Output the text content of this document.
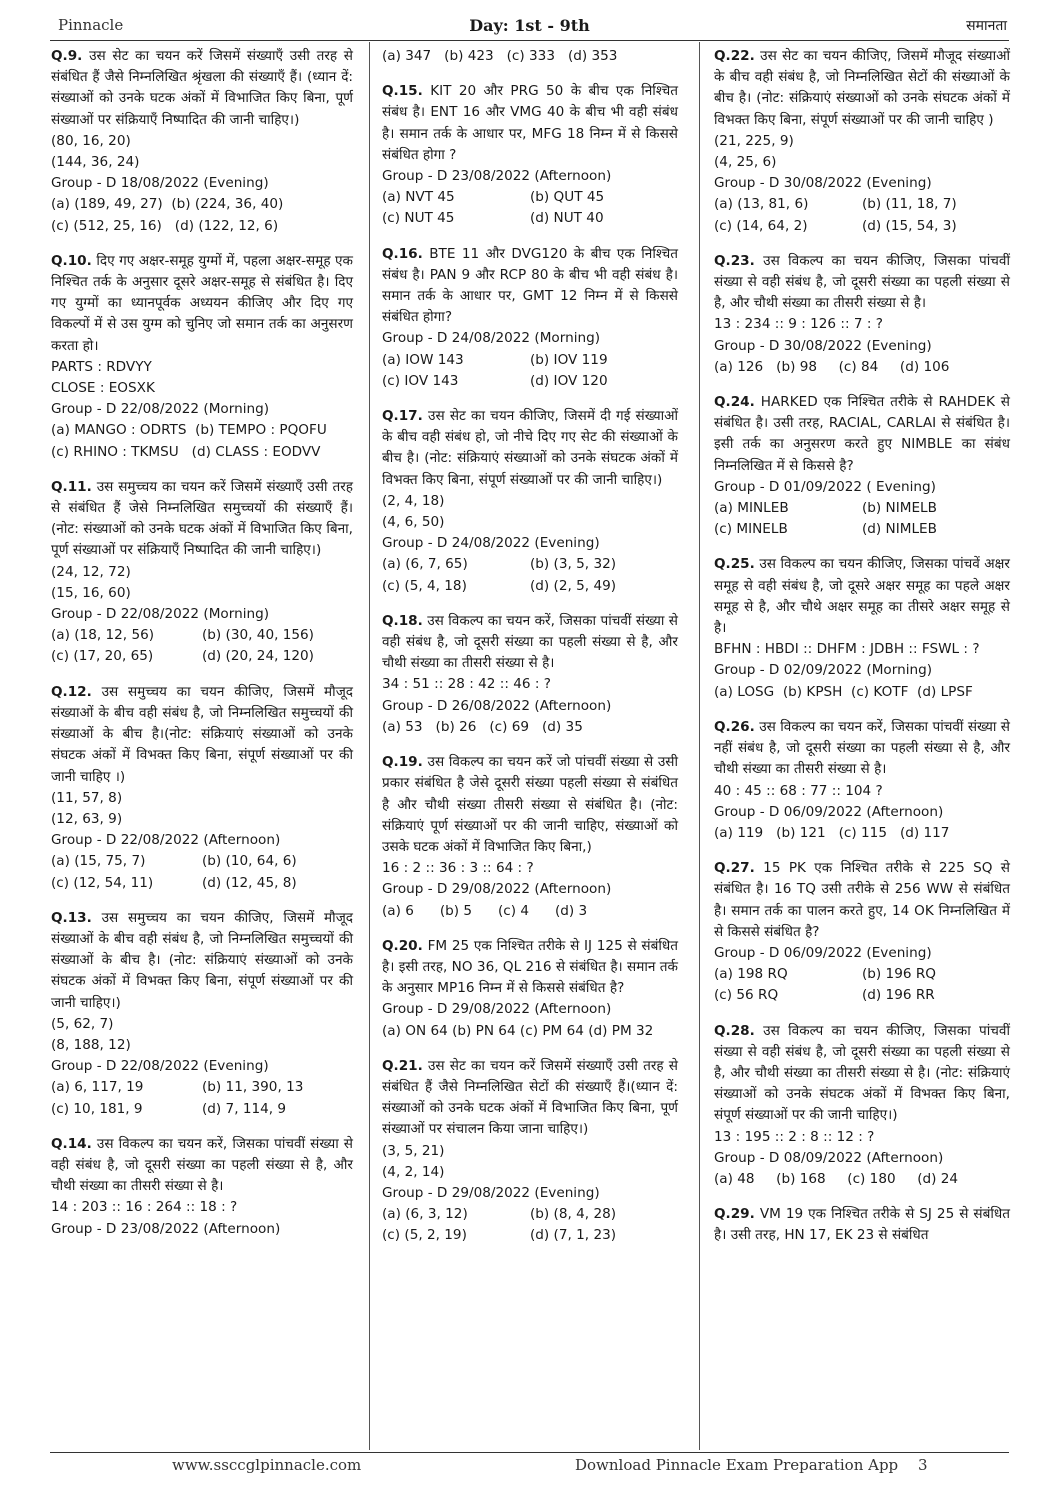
Pinnacle	Day: 1st - 9th	समानता
Q.9. उस सेट का चयन करें जिसमें संख्याएँ उसी तरह से संबंधित हैं जैसे निम्नलिखित श्रृंखला की संख्याएँ हैं। (ध्यान दें: संख्याओं को उनके घटक अंकों में विभाजित किए बिना, पूर्ण संख्याओं पर संक्रियाएँ निष्पादित की जानी चाहिए।)
(80, 16, 20)
(144, 36, 24)
Group - D 18/08/2022 (Evening)
(a) (189, 49, 27)  (b) (224, 36, 40)
(c) (512, 25, 16)   (d) (122, 12, 6)
Q.10. दिए गए अक्षर-समूह युग्मों में, पहला अक्षर-समूह एक निश्चित तर्क के अनुसार दूसरे अक्षर-समूह से संबंधित है। दिए गए युग्मों का ध्यानपूर्वक अध्ययन कीजिए और दिए गए विकल्पों में से उस युग्म को चुनिए जो समान तर्क का अनुसरण करता हो।
PARTS : RDVYY
CLOSE : EOSXK
Group - D 22/08/2022 (Morning)
(a) MANGO : ODRTS  (b) TEMPO : PQOFU
(c) RHINO : TKMSU   (d) CLASS : EODVV
Q.11. उस समुच्चय का चयन करें जिसमें संख्याएँ उसी तरह से संबंधित हैं जेसे निम्नलिखित समुच्चयों की संख्याएँ हैं। (नोट: संख्याओं को उनके घटक अंकों में विभाजित किए बिना, पूर्ण संख्याओं पर संक्रियाएँ निष्पादित की जानी चाहिए।)
(24, 12, 72)
(15, 16, 60)
Group - D 22/08/2022 (Morning)
(a) (18, 12, 56)	(b) (30, 40, 156)
(c) (17, 20, 65)	(d) (20, 24, 120)
Q.12. उस समुच्चय का चयन कीजिए, जिसमें मौजूद संख्याओं के बीच वही संबंध है, जो निम्नलिखित समुच्चयों की संख्याओं के बीच है।(नोट: संक्रियाएं संख्याओं को उनके संघटक अंकों में विभक्त किए बिना, संपूर्ण संख्याओं पर की जानी चाहिए ।)
(11, 57, 8)
(12, 63, 9)
Group - D 22/08/2022 (Afternoon)
(a) (15, 75, 7)	(b) (10, 64, 6)
(c) (12, 54, 11)	(d) (12, 45, 8)
Q.13. उस समुच्चय का चयन कीजिए, जिसमें मौजूद संख्याओं के बीच वही संबंध है, जो निम्नलिखित समुच्चयों की संख्याओं के बीच है। (नोट: संक्रियाएं संख्याओं को उनके संघटक अंकों में विभक्त किए बिना, संपूर्ण संख्याओं पर की जानी चाहिए।)
(5, 62, 7)
(8, 188, 12)
Group - D 22/08/2022 (Evening)
(a) 6, 117, 19	(b) 11, 390, 13
(c) 10, 181, 9	(d) 7, 114, 9
Q.14. उस विकल्प का चयन करें, जिसका पांचवीं संख्या से वही संबंध है, जो दूसरी संख्या का पहली संख्या से है, और चौथी संख्या का तीसरी संख्या से है।
14 : 203 :: 16 : 264 :: 18 : ?
Group - D 23/08/2022 (Afternoon)
(a) 347   (b) 423   (c) 333   (d) 353
Q.15. KIT 20 और PRG 50 के बीच एक निश्चित संबंध है। ENT 16 और VMG 40 के बीच भी वही संबंध है। समान तर्क के आधार पर, MFG 18 निम्न में से किससे संबंधित होगा ?
Group - D 23/08/2022 (Afternoon)
(a) NVT 45	(b) QUT 45
(c) NUT 45	(d) NUT 40
Q.16. BTE 11 और DVG120 के बीच एक निश्चित संबंध है। PAN 9 और RCP 80 के बीच भी वही संबंध है। समान तर्क के आधार पर, GMT 12 निम्न में से किससे संबंधित होगा?
Group - D 24/08/2022 (Morning)
(a) IOW 143	(b) IOV 119
(c) IOV 143	(d) IOV 120
Q.17. उस सेट का चयन कीजिए, जिसमें दी गई संख्याओं के बीच वही संबंध हो, जो नीचे दिए गए सेट की संख्याओं के बीच है। (नोट: संक्रियाएं संख्याओं को उनके संघटक अंकों में विभक्त किए बिना, संपूर्ण संख्याओं पर की जानी चाहिए।)
(2, 4, 18)
(4, 6, 50)
Group - D 24/08/2022 (Evening)
(a) (6, 7, 65)	(b) (3, 5, 32)
(c) (5, 4, 18)	(d) (2, 5, 49)
Q.18. उस विकल्प का चयन करें, जिसका पांचवीं संख्या से वही संबंध है, जो दूसरी संख्या का पहली संख्या से है, और चौथी संख्या का तीसरी संख्या से है।
34 : 51 :: 28 : 42 :: 46 : ?
Group - D 26/08/2022 (Afternoon)
(a) 53   (b) 26   (c) 69   (d) 35
Q.19. उस विकल्प का चयन करें जो पांचवीं संख्या से उसी प्रकार संबंधित है जेसे दूसरी संख्या पहली संख्या से संबंधित है और चौथी संख्या तीसरी संख्या से संबंधित है। (नोट: संक्रियाएं पूर्ण संख्याओं पर की जानी चाहिए, संख्याओं को उसके घटक अंकों में विभाजित किए बिना,)
16 : 2 :: 36 : 3 :: 64 : ?
Group - D 29/08/2022 (Afternoon)
(a) 6      (b) 5      (c) 4      (d) 3
Q.20. FM 25 एक निश्चित तरीके से IJ 125 से संबंधित है। इसी तरह, NO 36, QL 216 से संबंधित है। समान तर्क के अनुसार MP16 निम्न में से किससे संबंधित है?
Group - D 29/08/2022 (Afternoon)
(a) ON 64 (b) PN 64 (c) PM 64 (d) PM 32
Q.21. उस सेट का चयन करें जिसमें संख्याएँ उसी तरह से संबंधित हैं जैसे निम्नलिखित सेटों की संख्याएँ हैं।(ध्यान दें: संख्याओं को उनके घटक अंकों में विभाजित किए बिना, पूर्ण संख्याओं पर संचालन किया जाना चाहिए।)
(3, 5, 21)
(4, 2, 14)
Group - D 29/08/2022 (Evening)
(a) (6, 3, 12)	(b) (8, 4, 28)
(c) (5, 2, 19)	(d) (7, 1, 23)
Q.22. उस सेट का चयन कीजिए, जिसमें मौजूद संख्याओं के बीच वही संबंध है, जो निम्नलिखित सेटों की संख्याओं के बीच है। (नोट: संक्रियाएं संख्याओं को उनके संघटक अंकों में विभक्त किए बिना, संपूर्ण संख्याओं पर की जानी चाहिए )
(21, 225, 9)
(4, 25, 6)
Group - D 30/08/2022 (Evening)
(a) (13, 81, 6)	(b) (11, 18, 7)
(c) (14, 64, 2)	(d) (15, 54, 3)
Q.23. उस विकल्प का चयन कीजिए, जिसका पांचवीं संख्या से वही संबंध है, जो दूसरी संख्या का पहली संख्या से है, और चौथी संख्या का तीसरी संख्या से है।
13 : 234 :: 9 : 126 :: 7 : ?
Group - D 30/08/2022 (Evening)
(a) 126   (b) 98     (c) 84     (d) 106
Q.24. HARKED एक निश्चित तरीके से RAHDEK से संबंधित है। उसी तरह, RACIAL, CARLAI से संबंधित है। इसी तर्क का अनुसरण करते हुए NIMBLE का संबंध निम्नलिखित में से किससे है?
Group - D 01/09/2022 ( Evening)
(a) MINLEB	(b) NIMELB
(c) MINELB	(d) NIMLEB
Q.25. उस विकल्प का चयन कीजिए, जिसका पांचवें अक्षर समूह से वही संबंध है, जो दूसरे अक्षर समूह का पहले अक्षर समूह से है, और चौथे अक्षर समूह का तीसरे अक्षर समूह से है।
BFHN : HBDI :: DHFM : JDBH :: FSWL : ?
Group - D 02/09/2022 (Morning)
(a) LOSG  (b) KPSH  (c) KOTF  (d) LPSF
Q.26. उस विकल्प का चयन करें, जिसका पांचवीं संख्या से नहीं संबंध है, जो दूसरी संख्या का पहली संख्या से है, और चौथी संख्या का तीसरी संख्या से है।
40 : 45 :: 68 : 77 :: 104 ?
Group - D 06/09/2022 (Afternoon)
(a) 119   (b) 121   (c) 115   (d) 117
Q.27. 15 PK एक निश्चित तरीके से 225 SQ से संबंधित है। 16 TQ उसी तरीके से 256 WW से संबंधित है। समान तर्क का पालन करते हुए, 14 OK निम्नलिखित में से किससे संबंधित है?
Group - D 06/09/2022 (Evening)
(a) 198 RQ	(b) 196 RQ
(c) 56 RQ	(d) 196 RR
Q.28. उस विकल्प का चयन कीजिए, जिसका पांचवीं संख्या से वही संबंध है, जो दूसरी संख्या का पहली संख्या से है, और चौथी संख्या का तीसरी संख्या से है। (नोट: संक्रियाएं संख्याओं को उनके संघटक अंकों में विभक्त किए बिना, संपूर्ण संख्याओं पर की जानी चाहिए।)
13 : 195 :: 2 : 8 :: 12 : ?
Group - D 08/09/2022 (Afternoon)
(a) 48     (b) 168     (c) 180     (d) 24
Q.29. VM 19 एक निश्चित तरीके से SJ 25 से संबंधित है। उसी तरह, HN 17, EK 23 से संबंधित
www.ssccglpinnacle.com	Download Pinnacle Exam Preparation App 3
